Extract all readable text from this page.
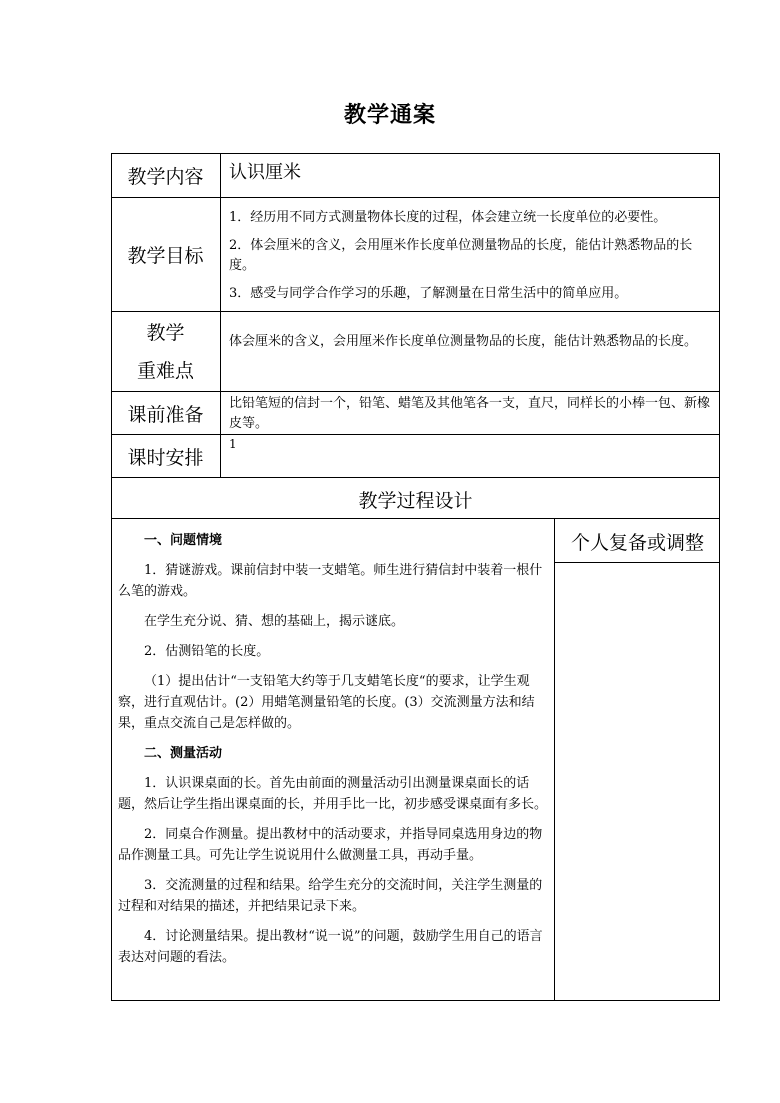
教学通案
教学内容	认识厘米
教学目标

1．经历用不同方式测量物体长度的过程，体会建立统一长度单位的必要性。

2．体会厘米的含义，会用厘米作长度单位测量物品的长度，能估计熟悉物品的长度。

3．感受与同学合作学习的乐趣，了解测量在日常生活中的简单应用。

教学
重难点
体会厘米的含义，会用厘米作长度单位测量物品的长度，能估计熟悉物品的长度。
课前准备	比铅笔短的信封一个，铅笔、蜡笔及其他笔各一支，直尺，同样长的小棒一包、新橡皮等。
课时安排
1
教学过程设计
个人复备或调整

一、问题情境

1．猜谜游戏。课前信封中装一支蜡笔。师生进行猜信封中装着一根什么笔的游戏。

在学生充分说、猜、想的基础上，揭示谜底。

2．估测铅笔的长度。

（1）提出估计“一支铅笔大约等于几支蜡笔长度“的要求，让学生观察，进行直观估计。(2）用蜡笔测量铅笔的长度。(3）交流测量方法和结果，重点交流自己是怎样做的。

二、测量活动

1．认识课桌面的长。首先由前面的测量活动引出测量课桌面长的话题，然后让学生指出课桌面的长，并用手比一比，初步感受课桌面有多长。

2．同桌合作测量。提出教材中的活动要求，并指导同桌选用身边的物品作测量工具。可先让学生说说用什么做测量工具，再动手量。

3．交流测量的过程和结果。给学生充分的交流时间，关注学生测量的过程和对结果的描述，并把结果记录下来。

4．讨论测量结果。提出教材“说一说”的问题，鼓励学生用自己的语言表达对问题的看法。
